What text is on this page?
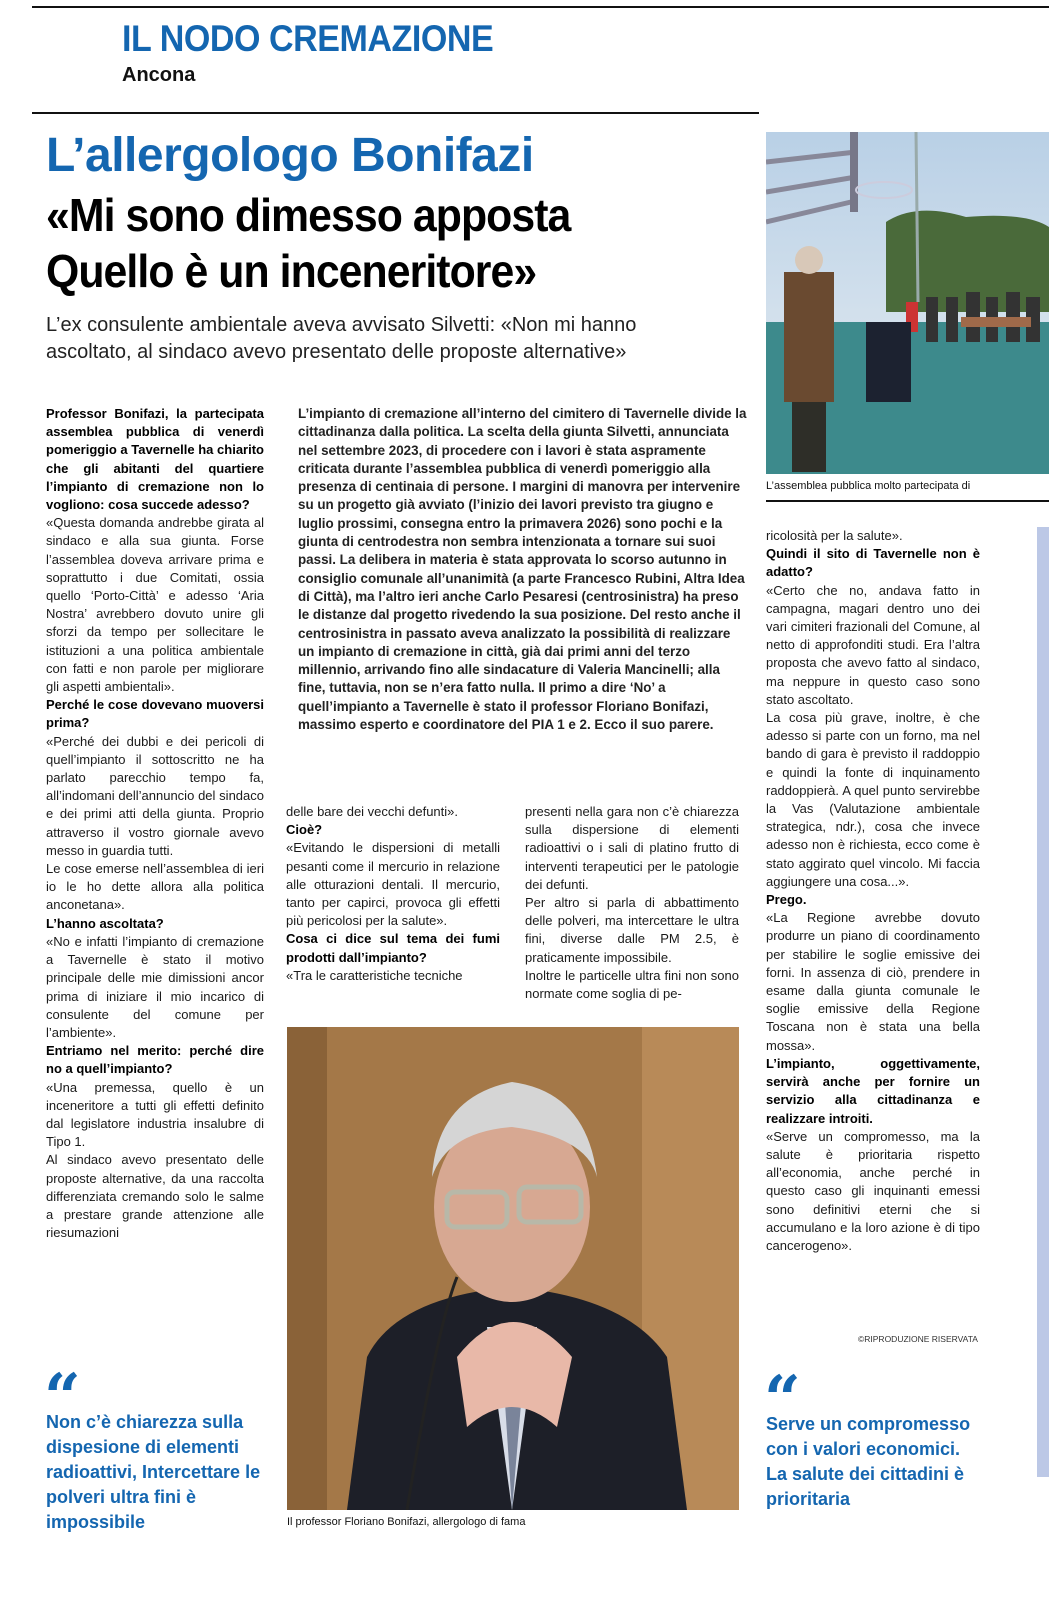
IL NODO CREMAZIONE
Ancona
L’allergologo Bonifazi
«Mi sono dimesso apposta
Quello è un inceneritore»
L’ex consulente ambientale aveva avvisato Silvetti: «Non mi hanno ascoltato, al sindaco avevo presentato delle proposte alternative»
L’assemblea pubblica molto partecipata di
L’impianto di cremazione all’interno del cimitero di Tavernelle divide la cittadinanza dalla politica. La scelta della giunta Silvetti, annunciata nel settembre 2023, di procedere con i lavori è stata aspramente criticata durante l’assemblea pubblica di venerdì pomeriggio alla presenza di centinaia di persone. I margini di manovra per intervenire su un progetto già avviato (l’inizio dei lavori previsto tra giugno e luglio prossimi, consegna entro la primavera 2026) sono pochi e la giunta di centrodestra non sembra intenzionata a tornare sui suoi passi. La delibera in materia è stata approvata lo scorso autunno in consiglio comunale all’unanimità (a parte Francesco Rubini, Altra Idea di Città), ma l’altro ieri anche Carlo Pesaresi (centrosinistra) ha preso le distanze dal progetto rivedendo la sua posizione. Del resto anche il centrosinistra in passato aveva analizzato la possibilità di realizzare un impianto di cremazione in città, già dai primi anni del terzo millennio, arrivando fino alle sindacature di Valeria Mancinelli; alla fine, tuttavia, non se n’era fatto nulla. Il primo a dire ‘No’ a quell’impianto a Tavernelle è stato il professor Floriano Bonifazi, massimo esperto e coordinatore del PIA 1 e 2. Ecco il suo parere.

Professor Bonifazi, la partecipata assemblea pubblica di venerdì pomeriggio a Tavernelle ha chiarito che gli abitanti del quartiere l’impianto di cremazione non lo vogliono: cosa succede adesso?

«Questa domanda andrebbe girata al sindaco e alla sua giunta. Forse l’assemblea doveva arrivare prima e soprattutto i due Comitati, ossia quello ‘Porto-Città’ e adesso ‘Aria Nostra’ avrebbero dovuto unire gli sforzi da tempo per sollecitare le istituzioni a una politica ambientale con fatti e non parole per migliorare gli aspetti ambientali».

Perché le cose dovevano muoversi prima?

«Perché dei dubbi e dei pericoli di quell’impianto il sottoscritto ne ha parlato parecchio tempo fa, all’indomani dell’annuncio del sindaco e dei primi atti della giunta. Proprio attraverso il vostro giornale avevo messo in guardia tutti.

Le cose emerse nell’assemblea di ieri io le ho dette allora alla politica anconetana».

L’hanno ascoltata?

«No e infatti l’impianto di cremazione a Tavernelle è stato il motivo principale delle mie dimissioni ancor prima di iniziare il mio incarico di consulente del comune per l’ambiente».

Entriamo nel merito: perché dire no a quell’impianto?

«Una premessa, quello è un inceneritore a tutti gli effetti definito dal legislatore industria insalubre di Tipo 1.

Al sindaco avevo presentato delle proposte alternative, da una raccolta differenziata cremando solo le salme a prestare grande attenzione alle riesumazioni

delle bare dei vecchi defunti».

Cioè?

«Evitando le dispersioni di metalli pesanti come il mercurio in relazione alle otturazioni dentali. Il mercurio, tanto per capirci, provoca gli effetti più pericolosi per la salute».

Cosa ci dice sul tema dei fumi prodotti dall’impianto?

«Tra le caratteristiche tecniche

presenti nella gara non c’è chiarezza sulla dispersione di elementi radioattivi o i sali di platino frutto di interventi terapeutici per le patologie dei defunti.

Per altro si parla di abbattimento delle polveri, ma intercettare le ultra fini, diverse dalle PM 2.5, è praticamente impossibile.

Inoltre le particelle ultra fini non sono normate come soglia di pe-

Il professor Floriano Bonifazi, allergologo di fama

ricolosità per la salute».

Quindi il sito di Tavernelle non è adatto?

«Certo che no, andava fatto in campagna, magari dentro uno dei vari cimiteri frazionali del Comune, al netto di approfonditi studi. Era l’altra proposta che avevo fatto al sindaco, ma neppure in questo caso sono stato ascoltato.

La cosa più grave, inoltre, è che adesso si parte con un forno, ma nel bando di gara è previsto il raddoppio e quindi la fonte di inquinamento raddoppierà. A quel punto servirebbe la Vas (Valutazione ambientale strategica, ndr.), cosa che invece adesso non è richiesta, ecco come è stato aggirato quel vincolo. Mi faccia aggiungere una cosa...».

Prego.

«La Regione avrebbe dovuto produrre un piano di coordinamento per stabilire le soglie emissive dei forni. In assenza di ciò, prendere in esame dalla giunta comunale le soglie emissive della Regione Toscana non è stata una bella mossa».

L’impianto, oggettivamente, servirà anche per fornire un servizio alla cittadinanza e realizzare introiti.

«Serve un compromesso, ma la salute è prioritaria rispetto all’economia, anche perché in questo caso gli inquinanti emessi sono definitivi eterni che si accumulano e la loro azione è di tipo cancerogeno».

©RIPRODUZIONE RISERVATA
“
Non c’è chiarezza sulla dispesione di elementi radioattivi, Intercettare le polveri ultra fini è impossibile
“
Serve un compromesso con i valori economici. La salute dei cittadini è prioritaria
